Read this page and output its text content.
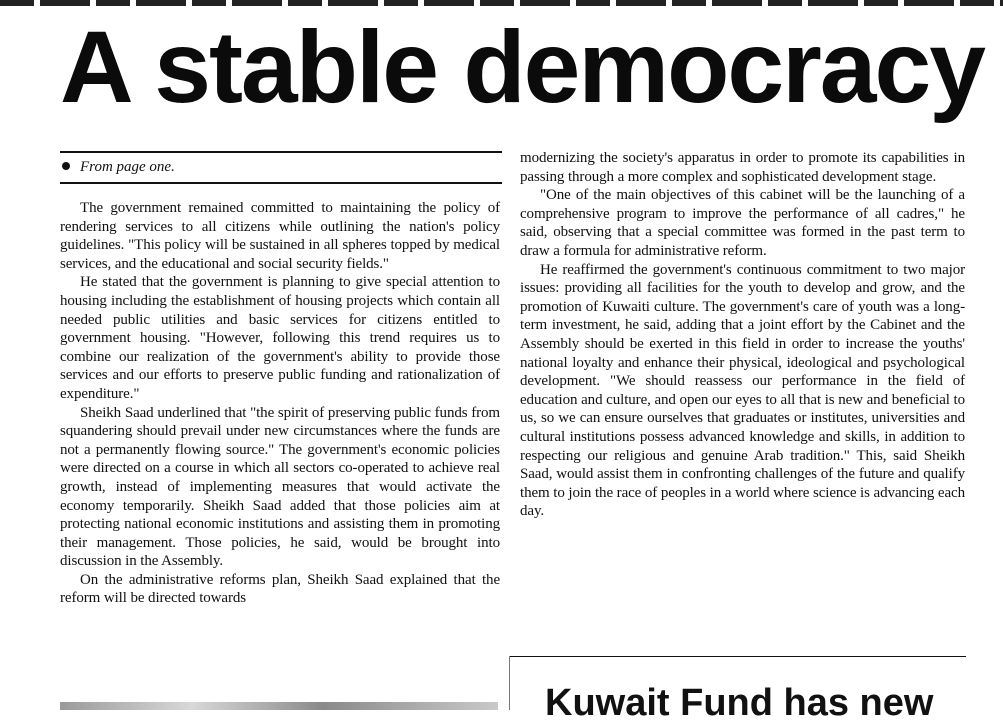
A stable democracy
From page one.

The government remained committed to maintaining the policy of rendering services to all citizens while outlining the nation's policy guidelines. "This policy will be sustained in all spheres topped by medical services, and the educational and social security fields."

He stated that the government is planning to give special attention to housing including the establishment of housing projects which contain all needed public utilities and basic services for citizens entitled to government housing. "However, following this trend requires us to combine our realization of the government's ability to provide those services and our efforts to preserve public funding and rationalization of expenditure."

Sheikh Saad underlined that "the spirit of preserving public funds from squandering should prevail under new circumstances where the funds are not a permanently flowing source." The government's economic policies were directed on a course in which all sectors co-operated to achieve real growth, instead of implementing measures that would activate the economy temporarily. Sheikh Saad added that those policies aim at protecting national economic institutions and assisting them in promoting their management. Those policies, he said, would be brought into discussion in the Assembly.

On the administrative reforms plan, Sheikh Saad explained that the reform will be directed towards

modernizing the society's apparatus in order to promote its capabilities in passing through a more complex and sophisticated development stage.

"One of the main objectives of this cabinet will be the launching of a comprehensive program to improve the performance of all cadres," he said, observing that a special committee was formed in the past term to draw a formula for administrative reform.

He reaffirmed the government's continuous commitment to two major issues: providing all facilities for the youth to develop and grow, and the promotion of Kuwaiti culture. The government's care of youth was a long-term investment, he said, adding that a joint effort by the Cabinet and the Assembly should be exerted in this field in order to increase the youths' national loyalty and enhance their physical, ideological and psychological development. "We should reassess our performance in the field of education and culture, and open our eyes to all that is new and beneficial to us, so we can ensure ourselves that graduates or institutes, universities and cultural institutions possess advanced knowledge and skills, in addition to respecting our religious and genuine Arab tradition." This, said Sheikh Saad, would assist them in confronting challenges of the future and qualify them to join the race of peoples in a world where science is advancing each day.

Kuwait Fund has new
